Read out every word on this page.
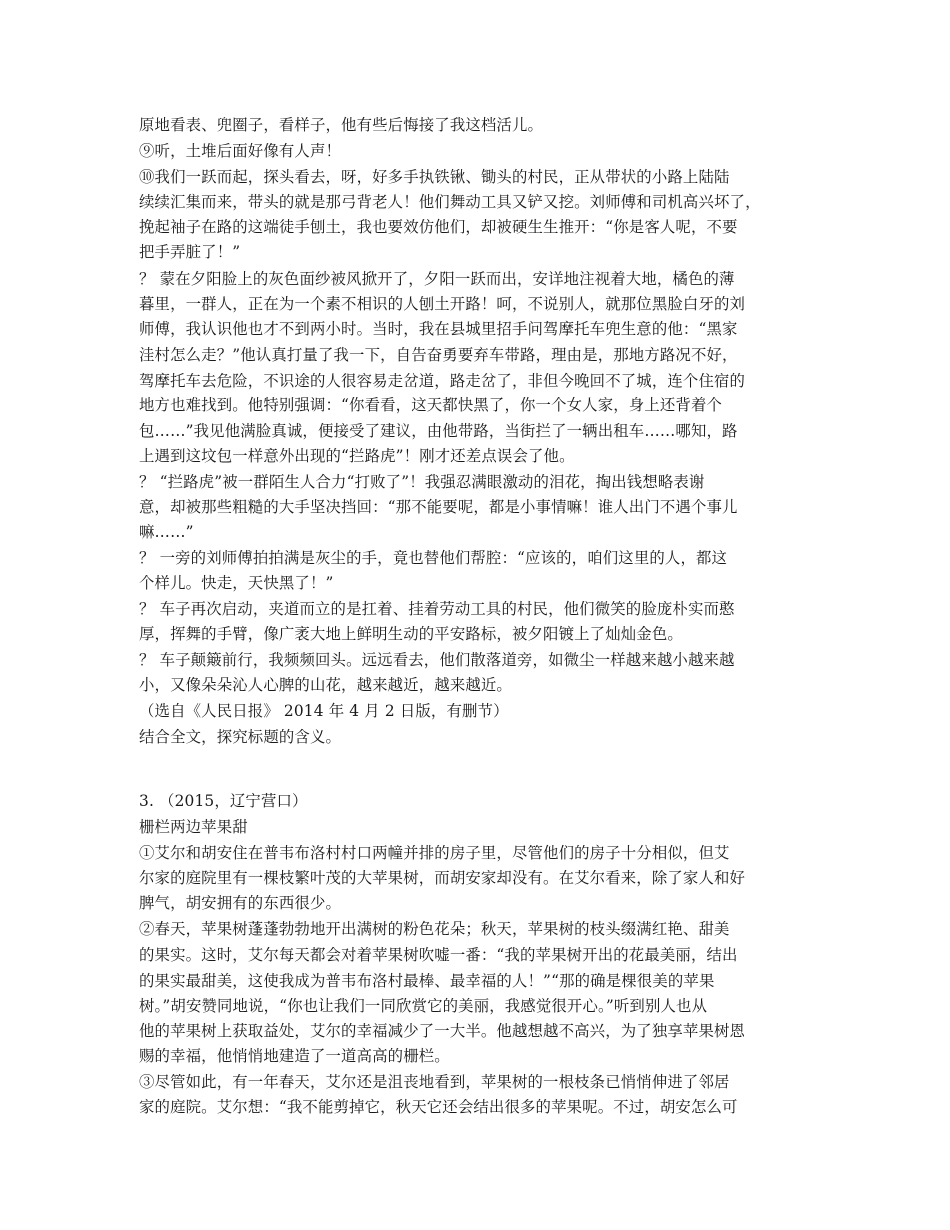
原地看表、兜圈子，看样子，他有些后悔接了我这档活儿。
⑨听，土堆后面好像有人声！
⑩我们一跃而起，探头看去，呀，好多手执铁锹、锄头的村民，正从带状的小路上陆陆
续续汇集而来，带头的就是那弓背老人！他们舞动工具又铲又挖。刘师傅和司机高兴坏了，
挽起袖子在路的这端徒手刨土，我也要效仿他们，却被硬生生推开：“你是客人呢，不要
把手弄脏了！”
？ 蒙在夕阳脸上的灰色面纱被风掀开了，夕阳一跃而出，安详地注视着大地，橘色的薄
暮里，一群人，正在为一个素不相识的人刨土开路！呵，不说别人，就那位黑脸白牙的刘
师傅，我认识他也才不到两小时。当时，我在县城里招手问驾摩托车兜生意的他：“黑家
洼村怎么走？”他认真打量了我一下，自告奋勇要弃车带路，理由是，那地方路况不好，
驾摩托车去危险，不识途的人很容易走岔道，路走岔了，非但今晚回不了城，连个住宿的
地方也难找到。他特别强调：“你看看，这天都快黑了，你一个女人家，身上还背着个
包……”我见他满脸真诚，便接受了建议，由他带路，当街拦了一辆出租车……哪知，路
上遇到这坟包一样意外出现的“拦路虎”！刚才还差点误会了他。
？ “拦路虎”被一群陌生人合力“打败了”！我强忍满眼激动的泪花，掏出钱想略表谢
意，却被那些粗糙的大手坚决挡回：“那不能要呢，都是小事情嘛！谁人出门不遇个事儿
嘛……”
？ 一旁的刘师傅拍拍满是灰尘的手，竟也替他们帮腔：“应该的，咱们这里的人，都这
个样儿。快走，天快黑了！”
？ 车子再次启动，夹道而立的是扛着、挂着劳动工具的村民，他们微笑的脸庞朴实而憨
厚，挥舞的手臂，像广袤大地上鲜明生动的平安路标，被夕阳镀上了灿灿金色。
？ 车子颠簸前行，我频频回头。远远看去，他们散落道旁，如微尘一样越来越小越来越
小，又像朵朵沁人心脾的山花，越来越近，越来越近。
（选自《人民日报》 2014 年 4 月 2 日版，有删节）
结合全文，探究标题的含义。
3. （2015，辽宁营口）
栅栏两边苹果甜
①艾尔和胡安住在普韦布洛村村口两幢并排的房子里，尽管他们的房子十分相似，但艾
尔家的庭院里有一棵枝繁叶茂的大苹果树，而胡安家却没有。在艾尔看来，除了家人和好
脾气，胡安拥有的东西很少。
②春天，苹果树蓬蓬勃勃地开出满树的粉色花朵；秋天，苹果树的枝头缀满红艳、甜美
的果实。这时，艾尔每天都会对着苹果树吹嘘一番：“我的苹果树开出的花最美丽，结出
的果实最甜美，这使我成为普韦布洛村最棒、最幸福的人！”“那的确是棵很美的苹果
树。”胡安赞同地说，“你也让我们一同欣赏它的美丽，我感觉很开心。”听到别人也从
他的苹果树上获取益处，艾尔的幸福减少了一大半。他越想越不高兴，为了独享苹果树恩
赐的幸福，他悄悄地建造了一道高高的栅栏。
③尽管如此，有一年春天，艾尔还是沮丧地看到，苹果树的一根枝条已悄悄伸进了邻居
家的庭院。艾尔想：“我不能剪掉它，秋天它还会结出很多的苹果呢。不过，胡安怎么可
